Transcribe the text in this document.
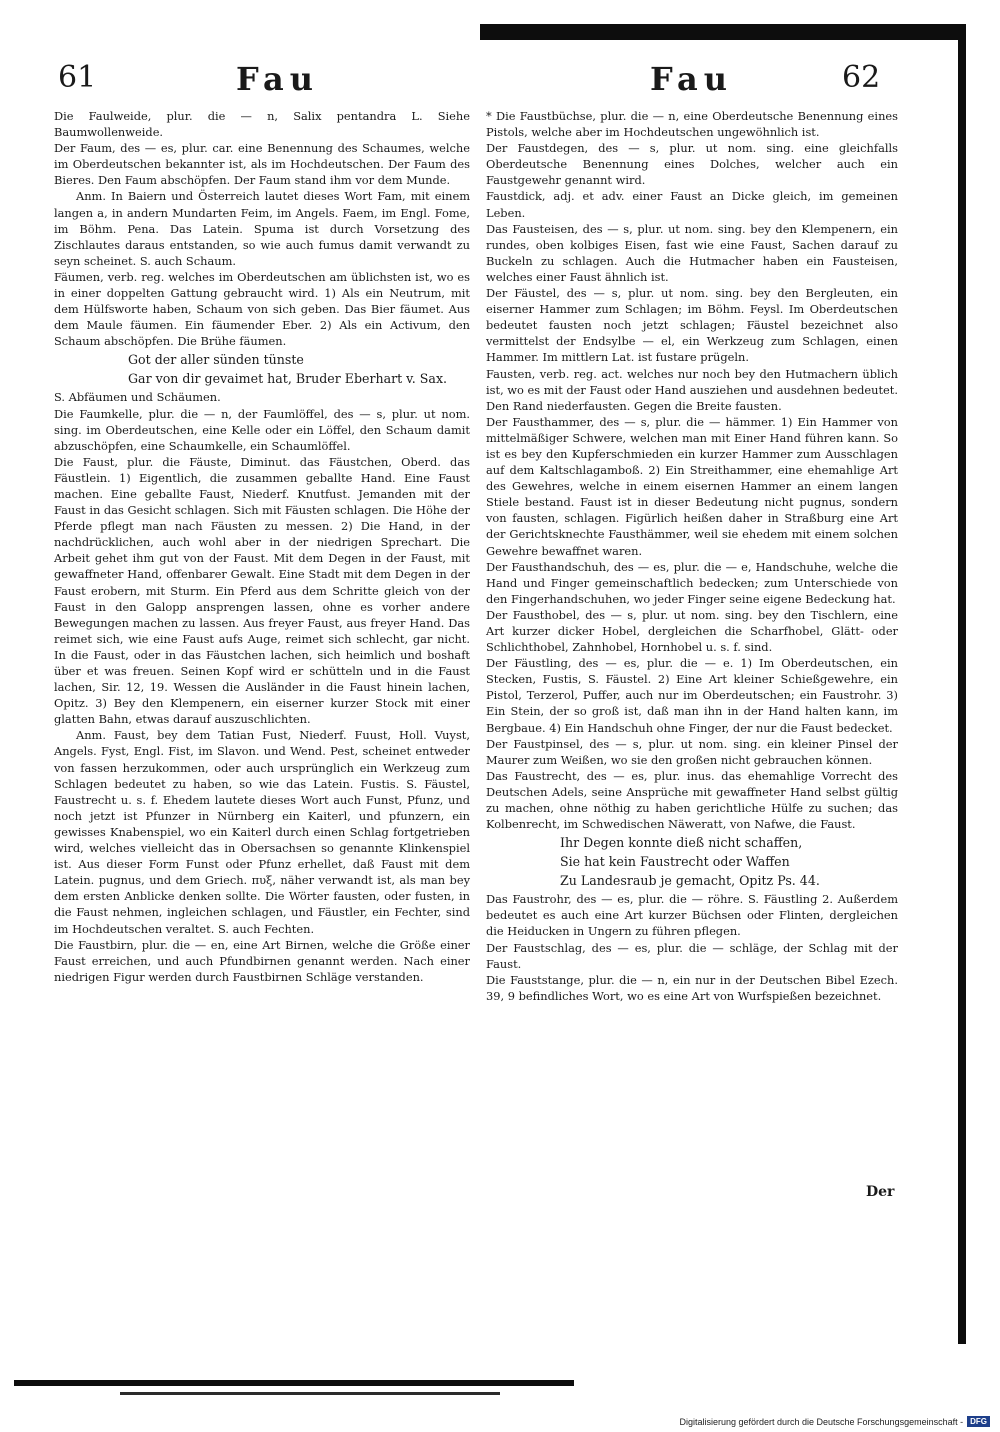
61	Fau	Fau	62

Die Faulweide, plur. die — n, Salix pentandra L. Siehe Baumwollenweide.

Der Faum, des — es, plur. car. eine Benennung des Schaumes, welche im Oberdeutschen bekannter ist, als im Hochdeutschen. Der Faum des Bieres. Den Faum abschöpfen. Der Faum stand ihm vor dem Munde.

Anm. In Baiern und Österreich lautet dieses Wort Fam, mit einem langen a, in andern Mundarten Feim, im Angels. Faem, im Engl. Fome, im Böhm. Pena. Das Latein. Spuma ist durch Vorsetzung des Zischlautes daraus entstanden, so wie auch fumus damit verwandt zu seyn scheinet. S. auch Schaum.

Fäumen, verb. reg. welches im Oberdeutschen am üblichsten ist, wo es in einer doppelten Gattung gebraucht wird. 1) Als ein Neutrum, mit dem Hülfsworte haben, Schaum von sich geben. Das Bier fäumet. Aus dem Maule fäumen. Ein fäumender Eber. 2) Als ein Activum, den Schaum abschöpfen. Die Brühe fäumen.

Got der aller sünden tünste

Gar von dir gevaimet hat, Bruder Eberhart v. Sax.

S. Abfäumen und Schäumen.

Die Faumkelle, plur. die — n, der Faumlöffel, des — s, plur. ut nom. sing. im Oberdeutschen, eine Kelle oder ein Löffel, den Schaum damit abzuschöpfen, eine Schaumkelle, ein Schaumlöffel.

Die Faust, plur. die Fäuste, Diminut. das Fäustchen, Oberd. das Fäustlein. 1) Eigentlich, die zusammen geballte Hand. Eine Faust machen. Eine geballte Faust, Niederf. Knutfust. Jemanden mit der Faust in das Gesicht schlagen. Sich mit Fäusten schlagen. Die Höhe der Pferde pflegt man nach Fäusten zu messen. 2) Die Hand, in der nachdrücklichen, auch wohl aber in der niedrigen Sprechart. Die Arbeit gehet ihm gut von der Faust. Mit dem Degen in der Faust, mit gewaffneter Hand, offenbarer Gewalt. Eine Stadt mit dem Degen in der Faust erobern, mit Sturm. Ein Pferd aus dem Schritte gleich von der Faust in den Galopp ansprengen lassen, ohne es vorher andere Bewegungen machen zu lassen. Aus freyer Faust, aus freyer Hand. Das reimet sich, wie eine Faust aufs Auge, reimet sich schlecht, gar nicht. In die Faust, oder in das Fäustchen lachen, sich heimlich und boshaft über et was freuen. Seinen Kopf wird er schütteln und in die Faust lachen, Sir. 12, 19. Wessen die Ausländer in die Faust hinein lachen, Opitz. 3) Bey den Klempenern, ein eiserner kurzer Stock mit einer glatten Bahn, etwas darauf auszuschlichten.

Anm. Faust, bey dem Tatian Fust, Niederf. Fuust, Holl. Vuyst, Angels. Fyst, Engl. Fist, im Slavon. und Wend. Pest, scheinet entweder von fassen herzukommen, oder auch ursprünglich ein Werkzeug zum Schlagen bedeutet zu haben, so wie das Latein. Fustis. S. Fäustel, Faustrecht u. s. f. Ehedem lautete dieses Wort auch Funst, Pfunz, und noch jetzt ist Pfunzer in Nürnberg ein Kaiterl, und pfunzern, ein gewisses Knabenspiel, wo ein Kaiterl durch einen Schlag fortgetrieben wird, welches vielleicht das in Obersachsen so genannte Klinkenspiel ist. Aus dieser Form Funst oder Pfunz erhellet, daß Faust mit dem Latein. pugnus, und dem Griech. πυξ, näher verwandt ist, als man bey dem ersten Anblicke denken sollte. Die Wörter fausten, oder fusten, in die Faust nehmen, ingleichen schlagen, und Fäustler, ein Fechter, sind im Hochdeutschen veraltet. S. auch Fechten.

Die Faustbirn, plur. die — en, eine Art Birnen, welche die Größe einer Faust erreichen, und auch Pfundbirnen genannt werden. Nach einer niedrigen Figur werden durch Faustbirnen Schläge verstanden.

* Die Faustbüchse, plur. die — n, eine Oberdeutsche Benennung eines Pistols, welche aber im Hochdeutschen ungewöhnlich ist.

Der Faustdegen, des — s, plur. ut nom. sing. eine gleichfalls Oberdeutsche Benennung eines Dolches, welcher auch ein Faustgewehr genannt wird.

Faustdick, adj. et adv. einer Faust an Dicke gleich, im gemeinen Leben.

Das Fausteisen, des — s, plur. ut nom. sing. bey den Klempenern, ein rundes, oben kolbiges Eisen, fast wie eine Faust, Sachen darauf zu Buckeln zu schlagen. Auch die Hutmacher haben ein Fausteisen, welches einer Faust ähnlich ist.

Der Fäustel, des — s, plur. ut nom. sing. bey den Bergleuten, ein eiserner Hammer zum Schlagen; im Böhm. Feysl. Im Oberdeutschen bedeutet fausten noch jetzt schlagen; Fäustel bezeichnet also vermittelst der Endsylbe — el, ein Werkzeug zum Schlagen, einen Hammer. Im mittlern Lat. ist fustare prügeln.

Fausten, verb. reg. act. welches nur noch bey den Hutmachern üblich ist, wo es mit der Faust oder Hand ausziehen und ausdehnen bedeutet. Den Rand niederfausten. Gegen die Breite fausten.

Der Fausthammer, des — s, plur. die — hämmer. 1) Ein Hammer von mittelmäßiger Schwere, welchen man mit Einer Hand führen kann. So ist es bey den Kupferschmieden ein kurzer Hammer zum Ausschlagen auf dem Kaltschlagamboß. 2) Ein Streithammer, eine ehemahlige Art des Gewehres, welche in einem eisernen Hammer an einem langen Stiele bestand. Faust ist in dieser Bedeutung nicht pugnus, sondern von fausten, schlagen. Figürlich heißen daher in Straßburg eine Art der Gerichtsknechte Fausthämmer, weil sie ehedem mit einem solchen Gewehre bewaffnet waren.

Der Fausthandschuh, des — es, plur. die — e, Handschuhe, welche die Hand und Finger gemeinschaftlich bedecken; zum Unterschiede von den Fingerhandschuhen, wo jeder Finger seine eigene Bedeckung hat.

Der Fausthobel, des — s, plur. ut nom. sing. bey den Tischlern, eine Art kurzer dicker Hobel, dergleichen die Scharfhobel, Glätt- oder Schlichthobel, Zahnhobel, Hornhobel u. s. f. sind.

Der Fäustling, des — es, plur. die — e. 1) Im Oberdeutschen, ein Stecken, Fustis, S. Fäustel. 2) Eine Art kleiner Schießgewehre, ein Pistol, Terzerol, Puffer, auch nur im Oberdeutschen; ein Faustrohr. 3) Ein Stein, der so groß ist, daß man ihn in der Hand halten kann, im Bergbaue. 4) Ein Handschuh ohne Finger, der nur die Faust bedecket.

Der Faustpinsel, des — s, plur. ut nom. sing. ein kleiner Pinsel der Maurer zum Weißen, wo sie den großen nicht gebrauchen können.

Das Faustrecht, des — es, plur. inus. das ehemahlige Vorrecht des Deutschen Adels, seine Ansprüche mit gewaffneter Hand selbst gültig zu machen, ohne nöthig zu haben gerichtliche Hülfe zu suchen; das Kolbenrecht, im Schwedischen Näweratt, von Nafwe, die Faust.

Ihr Degen konnte dieß nicht schaffen,

Sie hat kein Faustrecht oder Waffen

Zu Landesraub je gemacht, Opitz Ps. 44.

Das Faustrohr, des — es, plur. die — röhre. S. Fäustling 2. Außerdem bedeutet es auch eine Art kurzer Büchsen oder Flinten, dergleichen die Heiducken in Ungern zu führen pflegen.

Der Faustschlag, des — es, plur. die — schläge, der Schlag mit der Faust.

Die Fauststange, plur. die — n, ein nur in der Deutschen Bibel Ezech. 39, 9 befindliches Wort, wo es eine Art von Wurfspießen bezeichnet.

Der
Digitalisierung gefördert durch die Deutsche Forschungsgemeinschaft - DFG
